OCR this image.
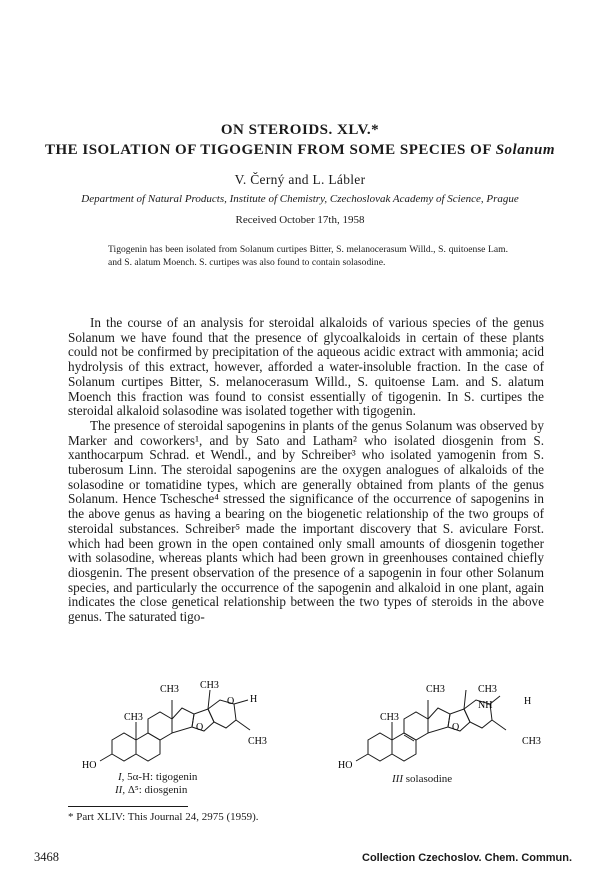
ON STEROIDS. XLV.*
THE ISOLATION OF TIGOGENIN FROM SOME SPECIES OF Solanum
V. Černý and L. Lábler
Department of Natural Products, Institute of Chemistry, Czechoslovak Academy of Science, Prague
Received October 17th, 1958
Tigogenin has been isolated from Solanum curtipes Bitter, S. melanocerasum Willd., S. quitoense Lam. and S. alatum Moench. S. curtipes was also found to contain solasodine.

In the course of an analysis for steroidal alkaloids of various species of the genus Solanum we have found that the presence of glycoalkaloids in certain of these plants could not be confirmed by precipitation of the aqueous acidic extract with ammonia; acid hydrolysis of this extract, however, afforded a water-insoluble fraction. In the case of Solanum curtipes Bitter, S. melanocerasum Willd., S. quitoense Lam. and S. alatum Moench this fraction was found to consist essentially of tigogenin. In S. curtipes the steroidal alkaloid solasodine was isolated together with tigogenin.

The presence of steroidal sapogenins in plants of the genus Solanum was observed by Marker and coworkers¹, and by Sato and Latham² who isolated diosgenin from S. xanthocarpum Schrad. et Wendl., and by Schreiber³ who isolated yamogenin from S. tuberosum Linn. The steroidal sapogenins are the oxygen analogues of alkaloids of the solasodine or tomatidine types, which are generally obtained from plants of the genus Solanum. Hence Tschesche⁴ stressed the significance of the occurrence of sapogenins in the above genus as having a bearing on the biogenetic relationship of the two groups of steroidal substances. Schreiber⁵ made the important discovery that S. aviculare Forst. which had been grown in the open contained only small amounts of diosgenin together with solasodine, whereas plants which had been grown in greenhouses contained chiefly diosgenin. The present observation of the presence of a sapogenin in four other Solanum species, and particularly the occurrence of the sapogenin and alkaloid in one plant, again indicates the close genetical relationship between the two types of steroids in the above genus. The saturated tigo-

CH3 CH3
CH3
O
O
H
HO
CH3
I, 5α-H: tigogenin
II, Δ⁵: diosgenin
CH3	CH3
CH3
NH
O
H
HO
CH3
III solasodine
* Part XLIV: This Journal 24, 2975 (1959).
3468	Collection Czechoslov. Chem. Commun.
